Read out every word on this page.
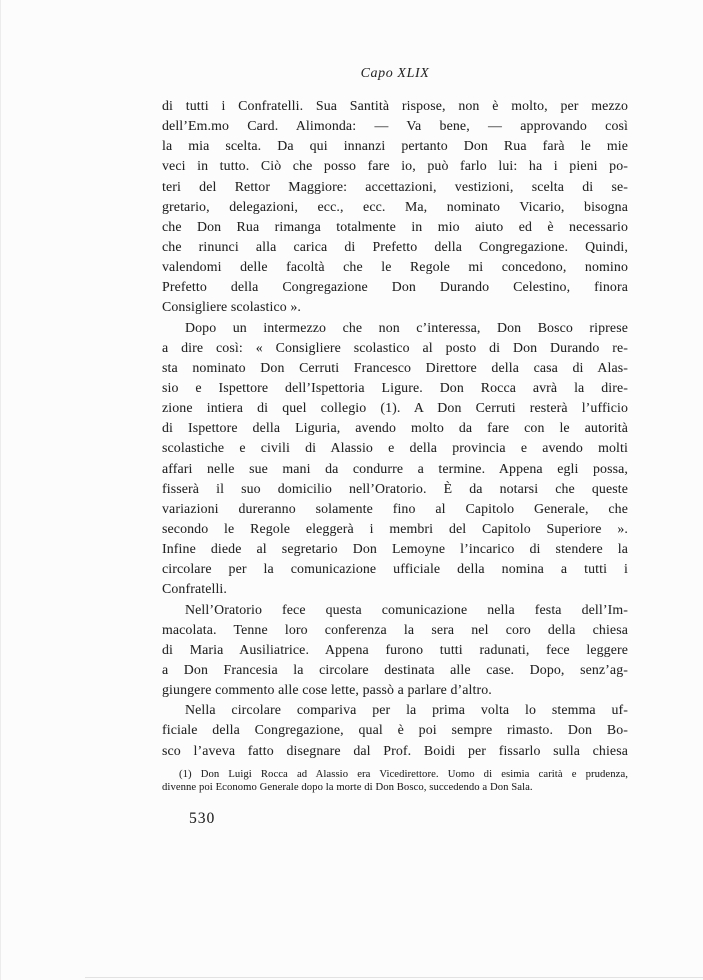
Capo XLIX
di tutti i Confratelli. Sua Santità rispose, non è molto, per mezzo
dell’Em.mo Card. Alimonda: — Va bene, — approvando così
la mia scelta. Da qui innanzi pertanto Don Rua farà le mie
veci in tutto. Ciò che posso fare io, può farlo lui: ha i pieni po-
teri del Rettor Maggiore: accettazioni, vestizioni, scelta di se-
gretario, delegazioni, ecc., ecc. Ma, nominato Vicario, bisogna
che Don Rua rimanga totalmente in mio aiuto ed è necessario
che rinunci alla carica di Prefetto della Congregazione. Quindi,
valendomi delle facoltà che le Regole mi concedono, nomino
Prefetto della Congregazione Don Durando Celestino, finora
Consigliere scolastico ».
Dopo un intermezzo che non c’interessa, Don Bosco riprese
a dire così: « Consigliere scolastico al posto di Don Durando re-
sta nominato Don Cerruti Francesco Direttore della casa di Alas-
sio e Ispettore dell’Ispettoria Ligure. Don Rocca avrà la dire-
zione intiera di quel collegio (1). A Don Cerruti resterà l’ufficio
di Ispettore della Liguria, avendo molto da fare con le autorità
scolastiche e civili di Alassio e della provincia e avendo molti
affari nelle sue mani da condurre a termine. Appena egli possa,
fisserà il suo domicilio nell’Oratorio. È da notarsi che queste
variazioni dureranno solamente fino al Capitolo Generale, che
secondo le Regole eleggerà i membri del Capitolo Superiore ».
Infine diede al segretario Don Lemoyne l’incarico di stendere la
circolare per la comunicazione ufficiale della nomina a tutti i
Confratelli.
Nell’Oratorio fece questa comunicazione nella festa dell’Im-
macolata. Tenne loro conferenza la sera nel coro della chiesa
di Maria Ausiliatrice. Appena furono tutti radunati, fece leggere
a Don Francesia la circolare destinata alle case. Dopo, senz’ag-
giungere commento alle cose lette, passò a parlare d’altro.
Nella circolare compariva per la prima volta lo stemma uf-
ficiale della Congregazione, qual è poi sempre rimasto. Don Bo-
sco l’aveva fatto disegnare dal Prof. Boidi per fissarlo sulla chiesa
(1) Don Luigi Rocca ad Alassio era Vicedirettore. Uomo di esimia carità e prudenza,
divenne poi Economo Generale dopo la morte di Don Bosco, succedendo a Don Sala.
530
